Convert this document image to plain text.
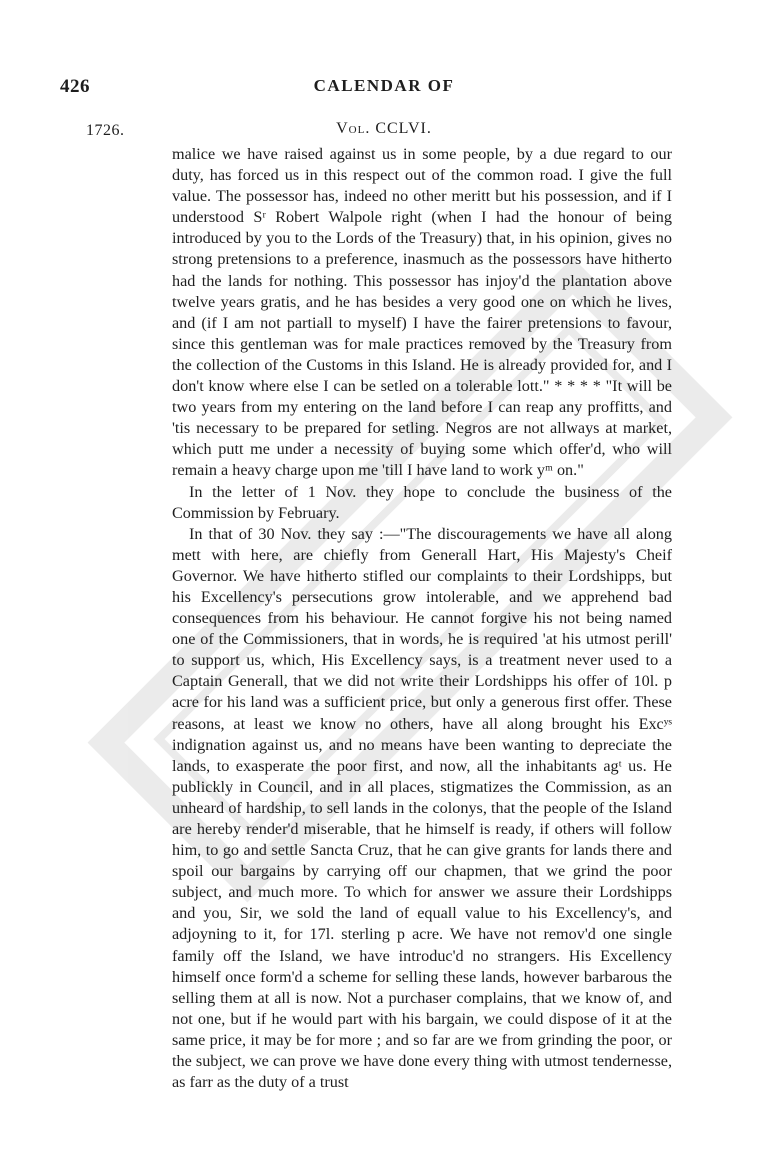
426	CALENDAR OF
1726.	Vol. CCLVI.

malice we have raised against us in some people, by a due regard to our duty, has forced us in this respect out of the common road. I give the full value. The possessor has, indeed no other meritt but his possession, and if I understood Sʳ Robert Walpole right (when I had the honour of being introduced by you to the Lords of the Treasury) that, in his opinion, gives no strong pretensions to a preference, inasmuch as the possessors have hitherto had the lands for nothing. This possessor has injoy'd the plantation above twelve years gratis, and he has besides a very good one on which he lives, and (if I am not partiall to myself) I have the fairer pretensions to favour, since this gentleman was for male practices removed by the Treasury from the collection of the Customs in this Island. He is already provided for, and I don't know where else I can be setled on a tolerable lott." * * * * "It will be two years from my entering on the land before I can reap any proffitts, and 'tis necessary to be prepared for setling. Negros are not allways at market, which putt me under a necessity of buying some which offer'd, who will remain a heavy charge upon me 'till I have land to work yᵐ on."

In the letter of 1 Nov. they hope to conclude the business of the Commission by February.

In that of 30 Nov. they say :—"The discouragements we have all along mett with here, are chiefly from Generall Hart, His Majesty's Cheif Governor. We have hitherto stifled our complaints to their Lordshipps, but his Excellency's persecutions grow intolerable, and we apprehend bad consequences from his behaviour. He cannot forgive his not being named one of the Commissioners, that in words, he is required 'at his utmost perill' to support us, which, His Excellency says, is a treatment never used to a Captain Generall, that we did not write their Lordshipps his offer of 10l. p acre for his land was a sufficient price, but only a generous first offer. These reasons, at least we know no others, have all along brought his Excʸˢ indignation against us, and no means have been wanting to depreciate the lands, to exasperate the poor first, and now, all the inhabitants agᵗ us. He publickly in Council, and in all places, stigmatizes the Commission, as an unheard of hardship, to sell lands in the colonys, that the people of the Island are hereby render'd miserable, that he himself is ready, if others will follow him, to go and settle Sancta Cruz, that he can give grants for lands there and spoil our bargains by carrying off our chapmen, that we grind the poor subject, and much more. To which for answer we assure their Lordshipps and you, Sir, we sold the land of equall value to his Excellency's, and adjoyning to it, for 17l. sterling p acre. We have not remov'd one single family off the Island, we have introduc'd no strangers. His Excellency himself once form'd a scheme for selling these lands, however barbarous the selling them at all is now. Not a purchaser complains, that we know of, and not one, but if he would part with his bargain, we could dispose of it at the same price, it may be for more ; and so far are we from grinding the poor, or the subject, we can prove we have done every thing with utmost tendernesse, as farr as the duty of a trust
